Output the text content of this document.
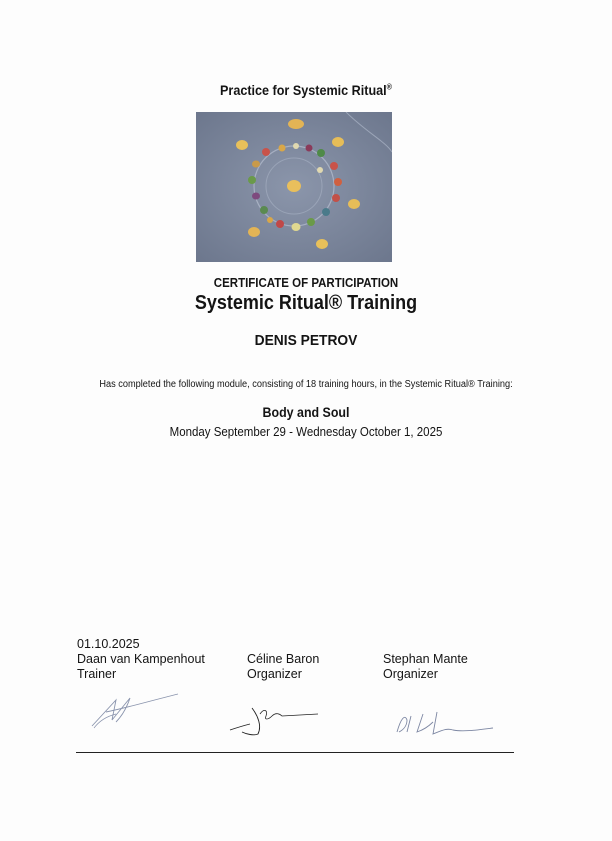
Practice for Systemic Ritual®
CERTIFICATE OF PARTICIPATION
Systemic Ritual® Training
DENIS PETROV
Has completed the following module, consisting of 18 training hours, in the Systemic Ritual® Training:
Body and Soul
Monday September 29 - Wednesday October 1, 2025
01.10.2025
Daan van Kampenhout
Trainer
Céline Baron
Organizer
Stephan Mante
Organizer
